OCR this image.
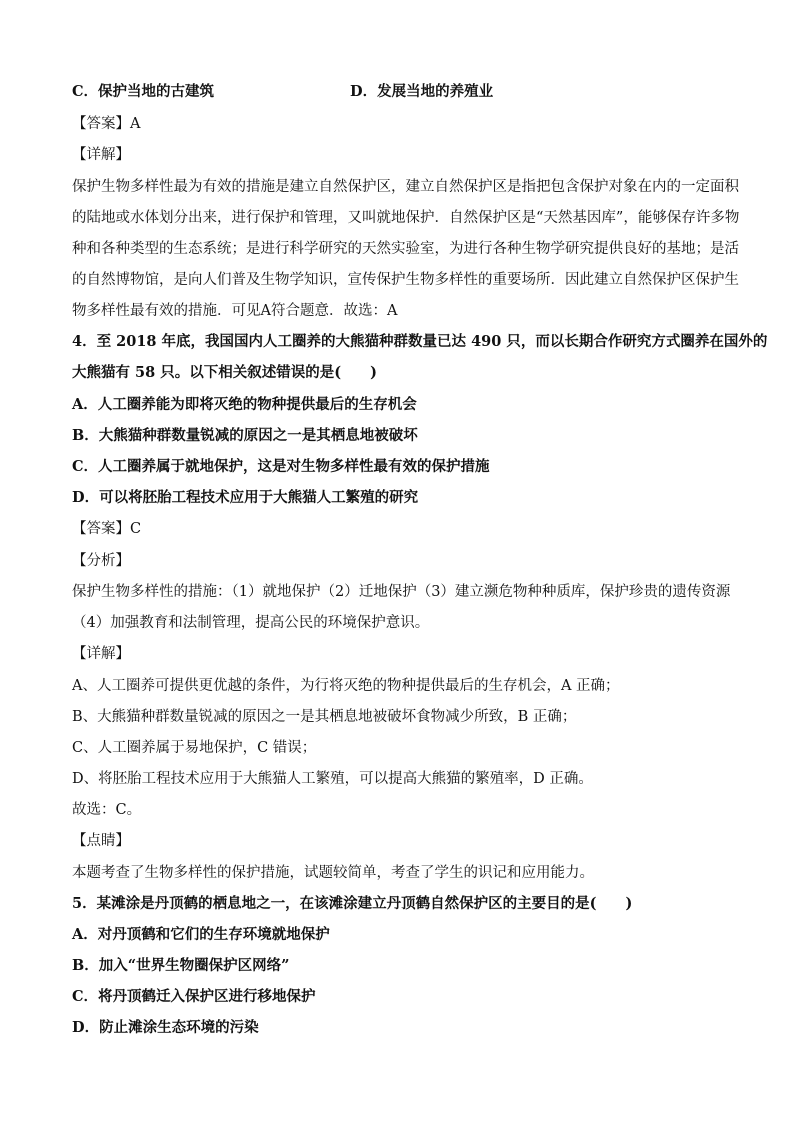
C．保护当地的古建筑	D．发展当地的养殖业
【答案】A
【详解】
保护生物多样性最为有效的措施是建立自然保护区，建立自然保护区是指把包含保护对象在内的一定面积
的陆地或水体划分出来，进行保护和管理，又叫就地保护．自然保护区是“天然基因库”，能够保存许多物
种和各种类型的生态系统；是进行科学研究的天然实验室，为进行各种生物学研究提供良好的基地；是活
的自然博物馆，是向人们普及生物学知识，宣传保护生物多样性的重要场所．因此建立自然保护区保护生
物多样性最有效的措施．可见A符合题意．故选：A
4．至 2018 年底，我国国内人工圈养的大熊猫种群数量已达 490 只，而以长期合作研究方式圈养在国外的
大熊猫有 58 只。以下相关叙述错误的是(　　)
A．人工圈养能为即将灭绝的物种提供最后的生存机会
B．大熊猫种群数量锐减的原因之一是其栖息地被破坏
C．人工圈养属于就地保护，这是对生物多样性最有效的保护措施
D．可以将胚胎工程技术应用于大熊猫人工繁殖的研究
【答案】C
【分析】
保护生物多样性的措施：（1）就地保护（2）迁地保护（3）建立濒危物种种质库，保护珍贵的遗传资源
（4）加强教育和法制管理，提高公民的环境保护意识。
【详解】
A、人工圈养可提供更优越的条件，为行将灭绝的物种提供最后的生存机会，A 正确；
B、大熊猫种群数量锐减的原因之一是其栖息地被破坏食物减少所致，B 正确；
C、人工圈养属于易地保护，C 错误；
D、将胚胎工程技术应用于大熊猫人工繁殖，可以提高大熊猫的繁殖率，D 正确。
故选：C。
【点睛】
本题考查了生物多样性的保护措施，试题较简单，考查了学生的识记和应用能力。
5．某滩涂是丹顶鹤的栖息地之一，在该滩涂建立丹顶鹤自然保护区的主要目的是(　　)
A．对丹顶鹤和它们的生存环境就地保护
B．加入“世界生物圈保护区网络”
C．将丹顶鹤迁入保护区进行移地保护
D．防止滩涂生态环境的污染
